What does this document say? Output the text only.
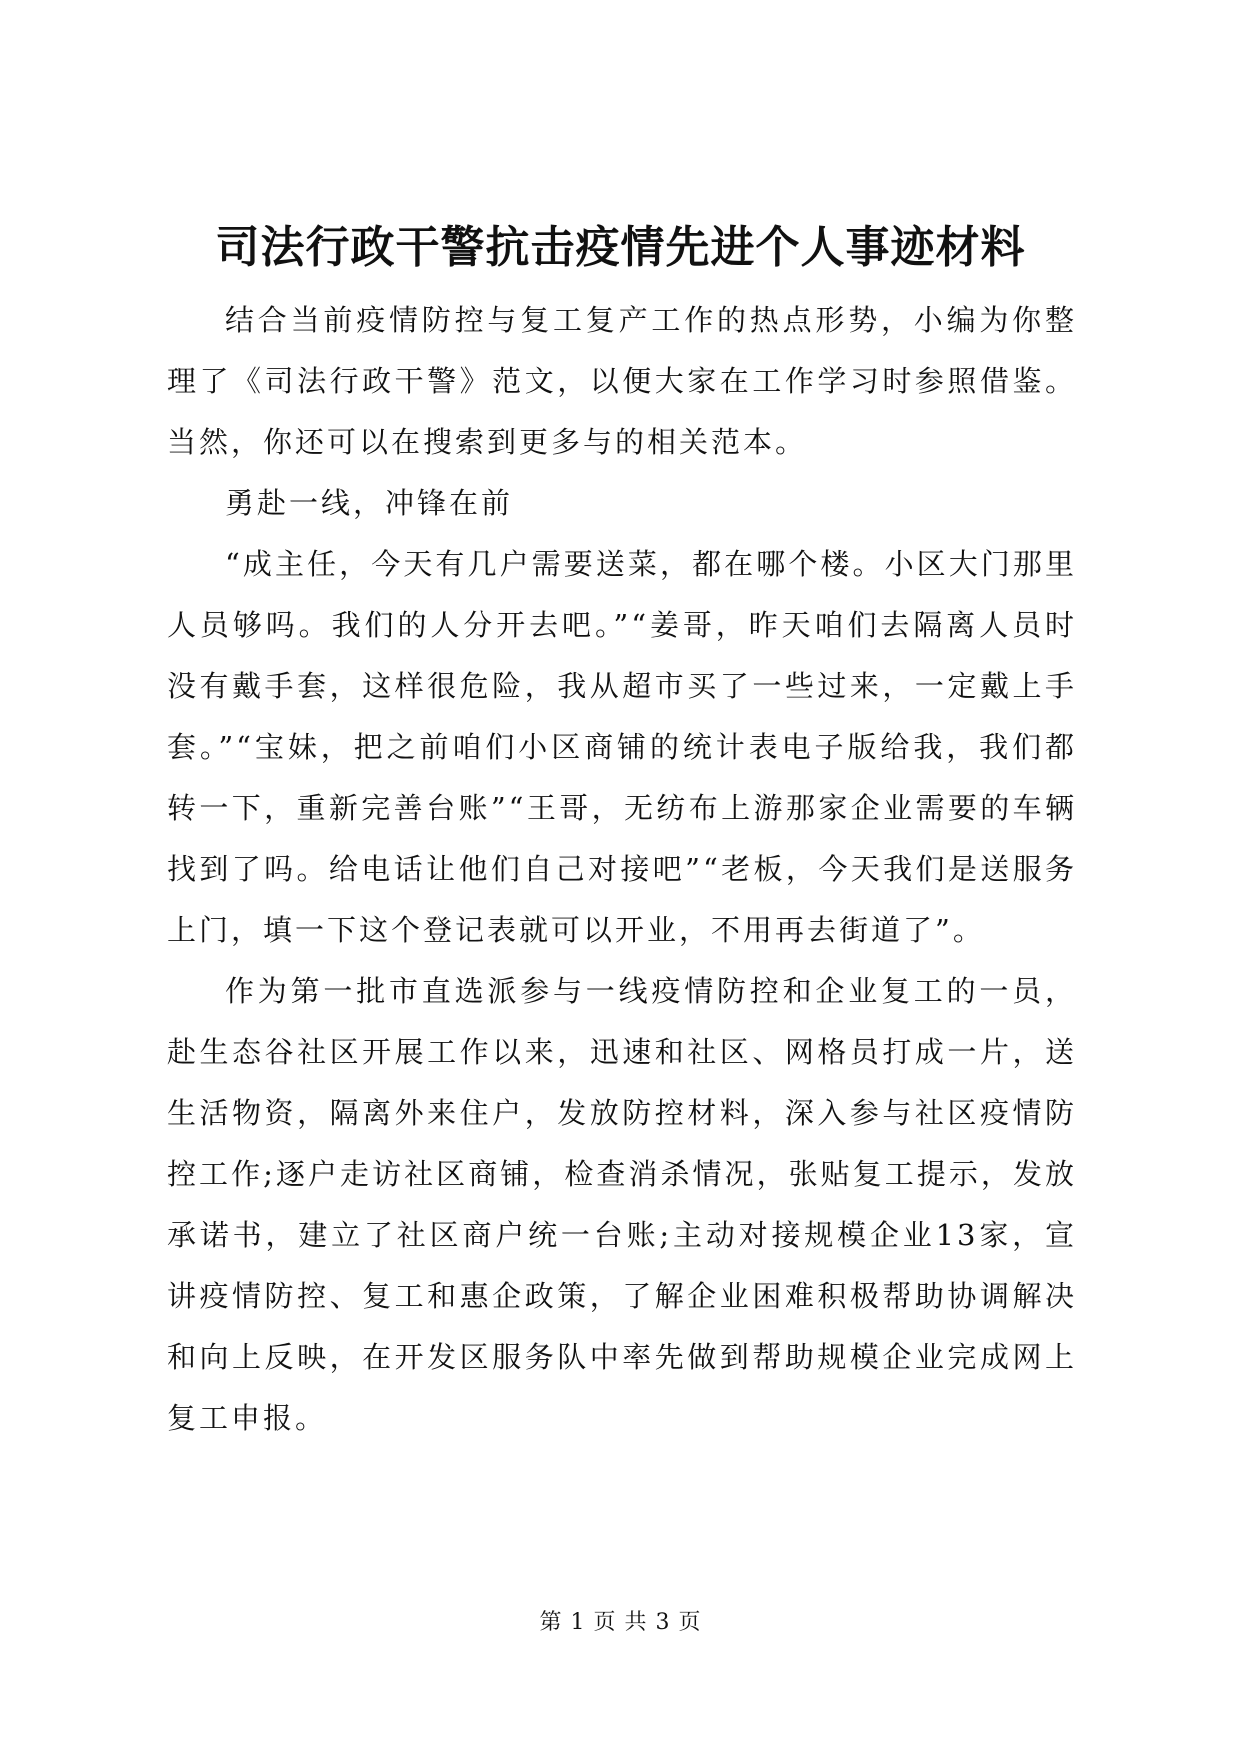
司法行政干警抗击疫情先进个人事迹材料

结合当前疫情防控与复工复产工作的热点形势，小编为你整理了《司法行政干警》范文，以便大家在工作学习时参照借鉴。当然，你还可以在搜索到更多与的相关范本。

勇赴一线，冲锋在前

“成主任，今天有几户需要送菜，都在哪个楼。小区大门那里人员够吗。我们的人分开去吧。”“姜哥，昨天咱们去隔离人员时没有戴手套，这样很危险，我从超市买了一些过来，一定戴上手套。”“宝妹，把之前咱们小区商铺的统计表电子版给我，我们都转一下，重新完善台账”“王哥，无纺布上游那家企业需要的车辆找到了吗。给电话让他们自己对接吧”“老板，今天我们是送服务上门，填一下这个登记表就可以开业，不用再去街道了”。

作为第一批市直选派参与一线疫情防控和企业复工的一员，赴生态谷社区开展工作以来，迅速和社区、网格员打成一片，送生活物资，隔离外来住户，发放防控材料，深入参与社区疫情防控工作;逐户走访社区商铺，检查消杀情况，张贴复工提示，发放承诺书，建立了社区商户统一台账;主动对接规模企业13家，宣讲疫情防控、复工和惠企政策，了解企业困难积极帮助协调解决和向上反映，在开发区服务队中率先做到帮助规模企业完成网上复工申报。

第 1 页 共 3 页
